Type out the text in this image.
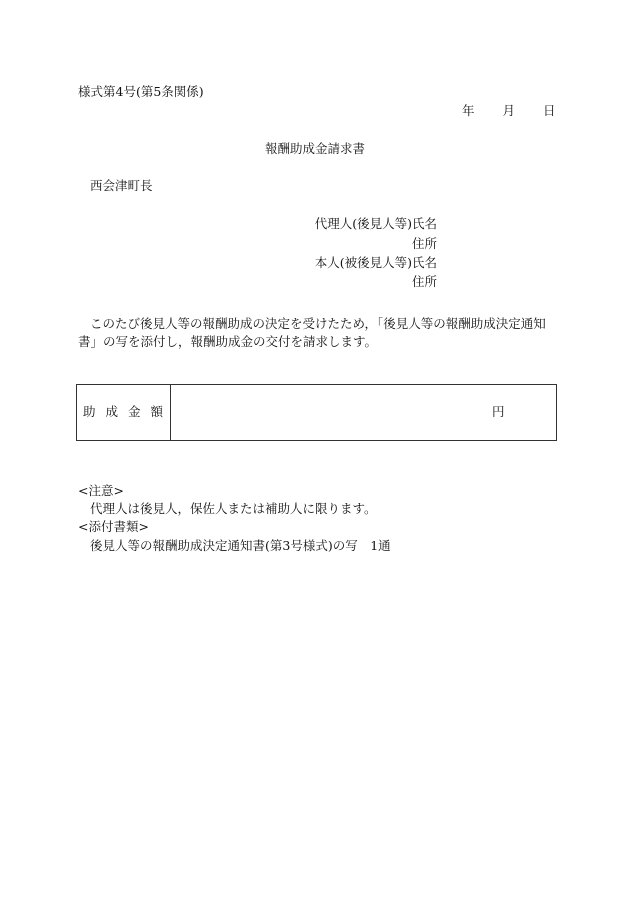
様式第4号(第5条関係)
年 月 日
報酬助成金請求書
西会津町長
代理人(後見人等)氏名
住所
本人(被後見人等)氏名
住所
このたび後見人等の報酬助成の決定を受けたため，「後見人等の報酬助成決定通知書」の写を添付し，報酬助成金の交付を請求します。
助成金額	円
<注意>
代理人は後見人，保佐人または補助人に限ります。
<添付書類>
後見人等の報酬助成決定通知書(第3号様式)の写　1通
